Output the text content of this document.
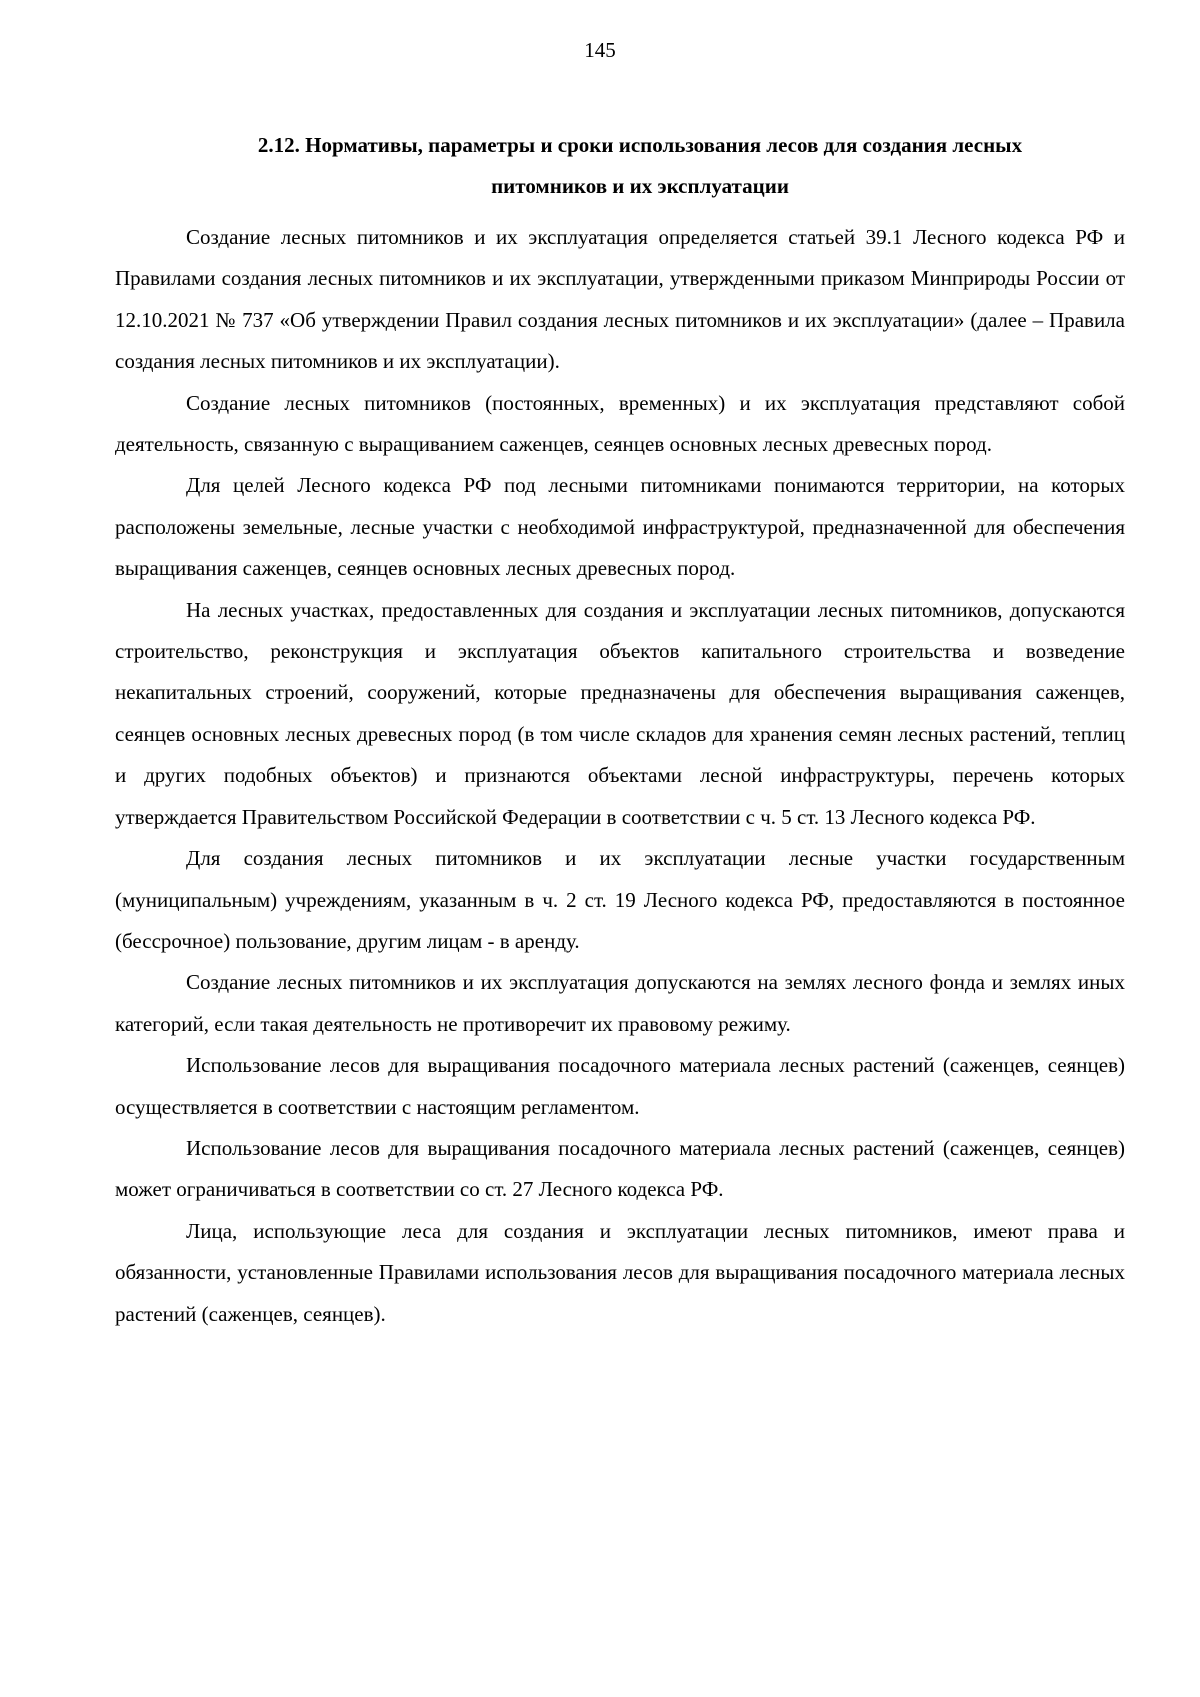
145
2.12. Нормативы, параметры и сроки использования лесов для создания лесных
питомников и их эксплуатации

Создание лесных питомников и их эксплуатация определяется статьей 39.1 Лесного кодекса РФ и Правилами создания лесных питомников и их эксплуатации, утвержденными приказом Минприроды России от 12.10.2021 № 737 «Об утверждении Правил создания лесных питомников и их эксплуатации» (далее – Правила создания лесных питомников и их эксплуатации).

Создание лесных питомников (постоянных, временных) и их эксплуатация представляют собой деятельность, связанную с выращиванием саженцев, сеянцев основных лесных древесных пород.

Для целей Лесного кодекса РФ под лесными питомниками понимаются территории, на которых расположены земельные, лесные участки с необходимой инфраструктурой, предназначенной для обеспечения выращивания саженцев, сеянцев основных лесных древесных пород.

На лесных участках, предоставленных для создания и эксплуатации лесных питомников, допускаются строительство, реконструкция и эксплуатация объектов капитального строительства и возведение некапитальных строений, сооружений, которые предназначены для обеспечения выращивания саженцев, сеянцев основных лесных древесных пород (в том числе складов для хранения семян лесных растений, теплиц и других подобных объектов) и признаются объектами лесной инфраструктуры, перечень которых утверждается Правительством Российской Федерации в соответствии с ч. 5 ст. 13 Лесного кодекса РФ.

Для создания лесных питомников и их эксплуатации лесные участки государственным (муниципальным) учреждениям, указанным в ч. 2 ст. 19 Лесного кодекса РФ, предоставляются в постоянное (бессрочное) пользование, другим лицам - в аренду.

Создание лесных питомников и их эксплуатация допускаются на землях лесного фонда и землях иных категорий, если такая деятельность не противоречит их правовому режиму.

Использование лесов для выращивания посадочного материала лесных растений (саженцев, сеянцев) осуществляется в соответствии с настоящим регламентом.

Использование лесов для выращивания посадочного материала лесных растений (саженцев, сеянцев) может ограничиваться в соответствии со ст. 27 Лесного кодекса РФ.

Лица, использующие леса для создания и эксплуатации лесных питомников, имеют права и обязанности, установленные Правилами использования лесов для выращивания посадочного материала лесных растений (саженцев, сеянцев).
